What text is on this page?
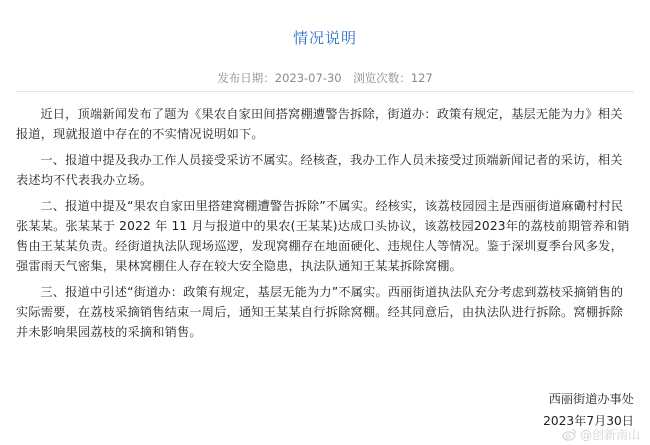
情况说明
发布日期：2023-07-30 浏览次数：127

近日，顶端新闻发布了题为《果农自家田间搭窝棚遭警告拆除，街道办：政策有规定，基层无能为力》相关报道，现就报道中存在的不实情况说明如下。

一、报道中提及我办工作人员接受采访不属实。经核查，我办工作人员未接受过顶端新闻记者的采访，相关表述均不代表我办立场。

二、报道中提及“果农自家田里搭建窝棚遭警告拆除”不属实。经核实，该荔枝园园主是西丽街道麻磡村村民张某某。张某某于 2022 年 11 月与报道中的果农(王某某)达成口头协议，该荔枝园2023年的荔枝前期管养和销售由王某某负责。经街道执法队现场巡逻，发现窝棚存在地面硬化、违规住人等情况。鉴于深圳夏季台风多发，强雷雨天气密集，果林窝棚住人存在较大安全隐患，执法队通知王某某拆除窝棚。

三、报道中引述“街道办：政策有规定，基层无能为力”不属实。西丽街道执法队充分考虑到荔枝采摘销售的实际需要，在荔枝采摘销售结束一周后，通知王某某自行拆除窝棚。经其同意后，由执法队进行拆除。窝棚拆除并未影响果园荔枝的采摘和销售。

西丽街道办事处
2023年7月30日
@创新南山
